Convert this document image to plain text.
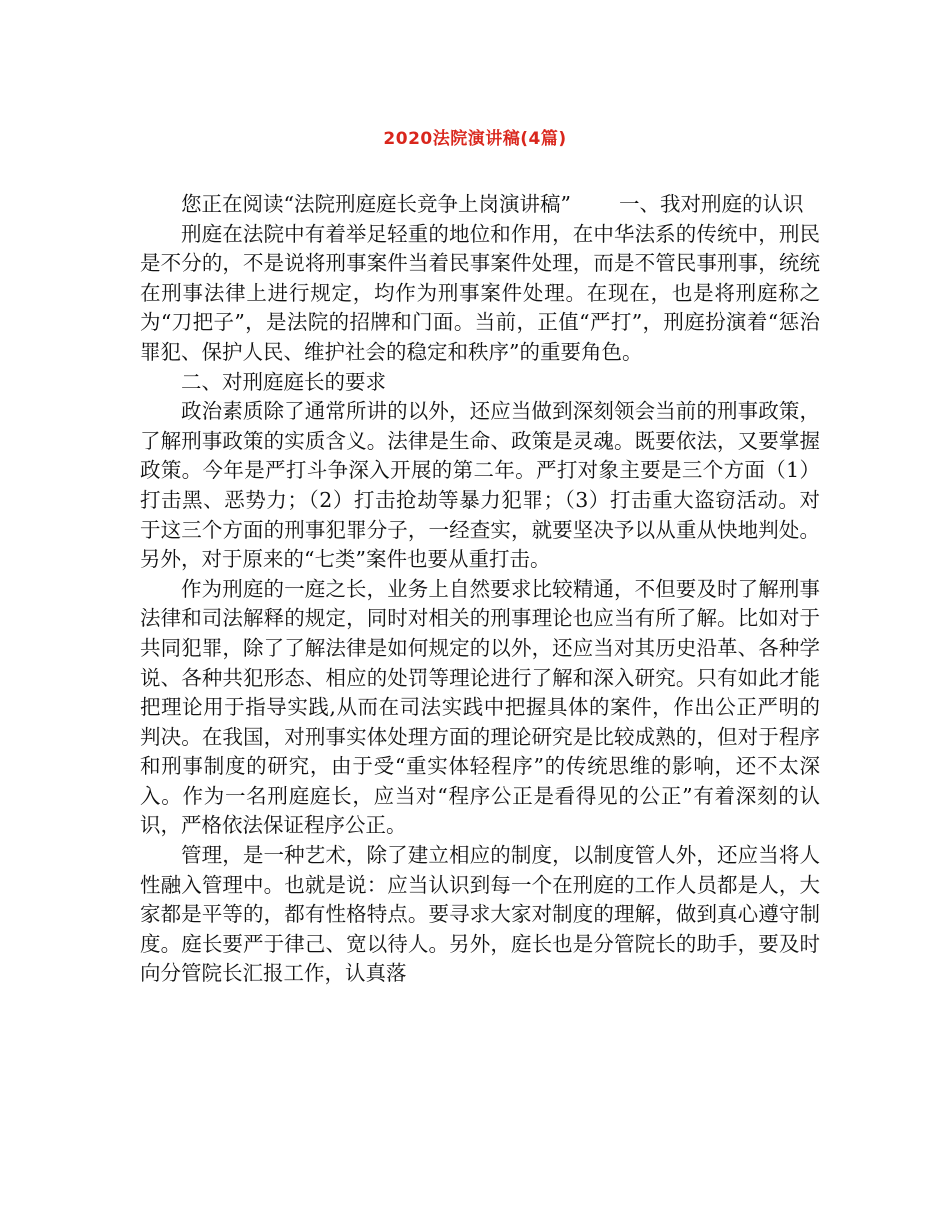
2020法院演讲稿(4篇)

您正在阅读“法院刑庭庭长竞争上岗演讲稿” 一、我对刑庭的认识

刑庭在法院中有着举足轻重的地位和作用，在中华法系的传统中，刑民是不分的，不是说将刑事案件当着民事案件处理，而是不管民事刑事，统统在刑事法律上进行规定，均作为刑事案件处理。在现在，也是将刑庭称之为“刀把子”，是法院的招牌和门面。当前，正值“严打”，刑庭扮演着“惩治罪犯、保护人民、维护社会的稳定和秩序”的重要角色。

二、对刑庭庭长的要求

政治素质除了通常所讲的以外，还应当做到深刻领会当前的刑事政策，了解刑事政策的实质含义。法律是生命、政策是灵魂。既要依法，又要掌握政策。今年是严打斗争深入开展的第二年。严打对象主要是三个方面（1）打击黑、恶势力；（2）打击抢劫等暴力犯罪；（3）打击重大盗窃活动。对于这三个方面的刑事犯罪分子，一经查实，就要坚决予以从重从快地判处。另外，对于原来的“七类”案件也要从重打击。

作为刑庭的一庭之长，业务上自然要求比较精通，不但要及时了解刑事法律和司法解释的规定，同时对相关的刑事理论也应当有所了解。比如对于共同犯罪，除了了解法律是如何规定的以外，还应当对其历史沿革、各种学说、各种共犯形态、相应的处罚等理论进行了解和深入研究。只有如此才能把理论用于指导实践,从而在司法实践中把握具体的案件，作出公正严明的判决。在我国，对刑事实体处理方面的理论研究是比较成熟的，但对于程序和刑事制度的研究，由于受“重实体轻程序”的传统思维的影响，还不太深入。作为一名刑庭庭长，应当对“程序公正是看得见的公正”有着深刻的认识，严格依法保证程序公正。

管理，是一种艺术，除了建立相应的制度，以制度管人外，还应当将人性融入管理中。也就是说：应当认识到每一个在刑庭的工作人员都是人，大家都是平等的，都有性格特点。要寻求大家对制度的理解，做到真心遵守制度。庭长要严于律己、宽以待人。另外，庭长也是分管院长的助手，要及时向分管院长汇报工作，认真落
